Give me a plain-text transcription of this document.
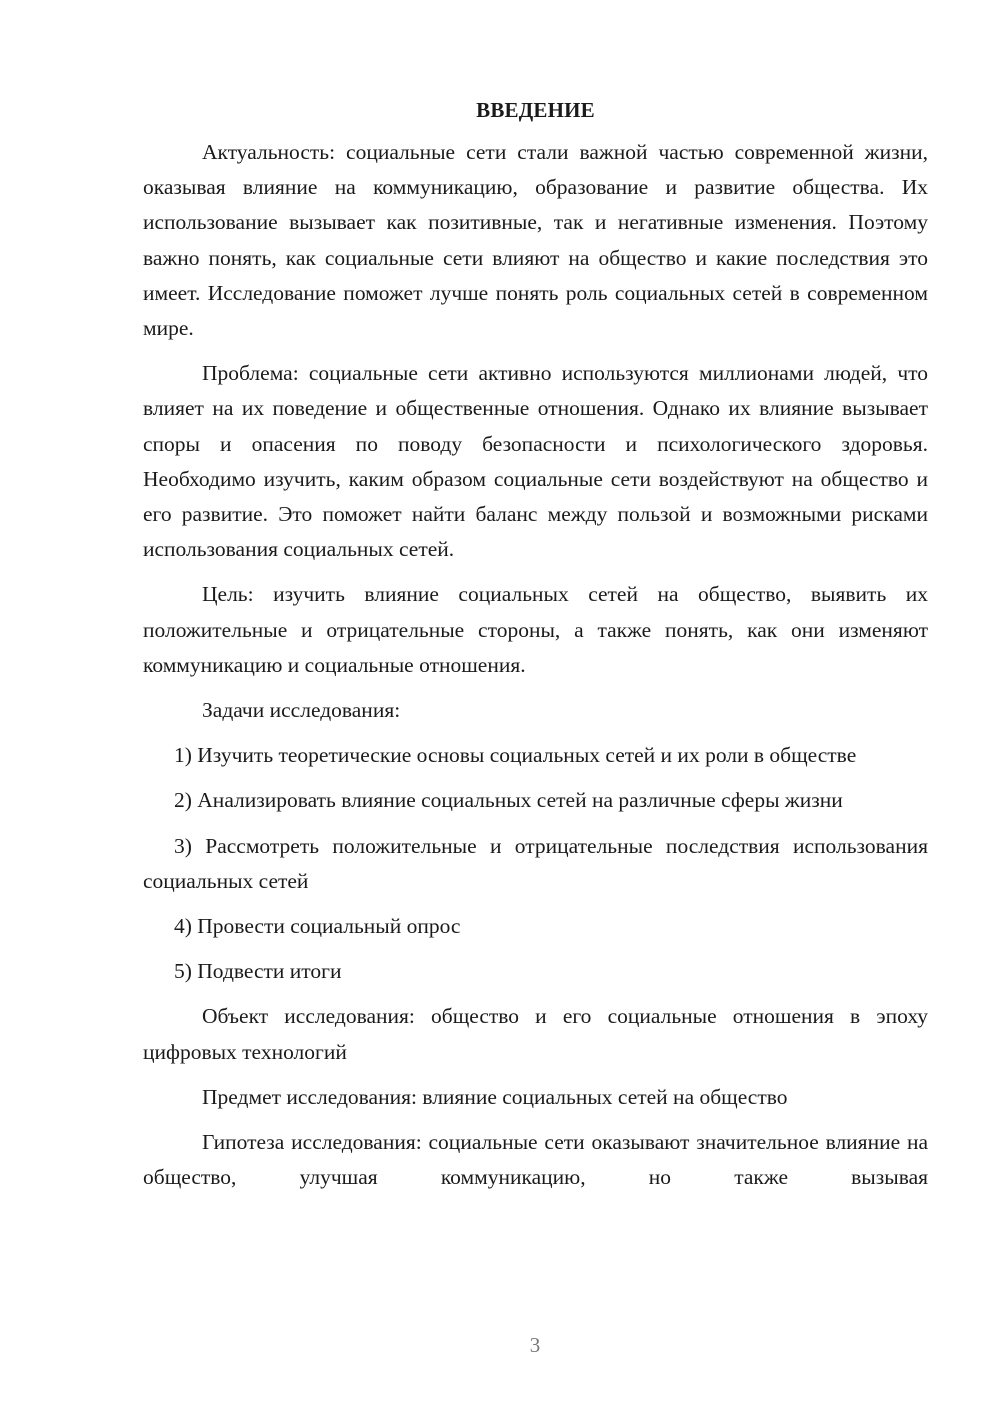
ВВЕДЕНИЕ

Актуальность: социальные сети стали важной частью современной жизни, оказывая влияние на коммуникацию, образование и развитие общества. Их использование вызывает как позитивные, так и негативные изменения. Поэтому важно понять, как социальные сети влияют на общество и какие последствия это имеет. Исследование поможет лучше понять роль социальных сетей в современном мире.

Проблема: социальные сети активно используются миллионами людей, что влияет на их поведение и общественные отношения. Однако их влияние вызывает споры и опасения по поводу безопасности и психологического здоровья. Необходимо изучить, каким образом социальные сети воздействуют на общество и его развитие. Это поможет найти баланс между пользой и возможными рисками использования социальных сетей.

Цель: изучить влияние социальных сетей на общество, выявить их положительные и отрицательные стороны, а также понять, как они изменяют коммуникацию и социальные отношения.

Задачи исследования:

1) Изучить теоретические основы социальных сетей и их роли в обществе

2) Анализировать влияние социальных сетей на различные сферы жизни

3) Рассмотреть положительные и отрицательные последствия использования социальных сетей

4) Провести социальный опрос

5) Подвести итоги

Объект исследования: общество и его социальные отношения в эпоху цифровых технологий

Предмет исследования: влияние социальных сетей на общество

Гипотеза исследования: социальные сети оказывают значительное влияние на общество, улучшая коммуникацию, но также вызывая

3
